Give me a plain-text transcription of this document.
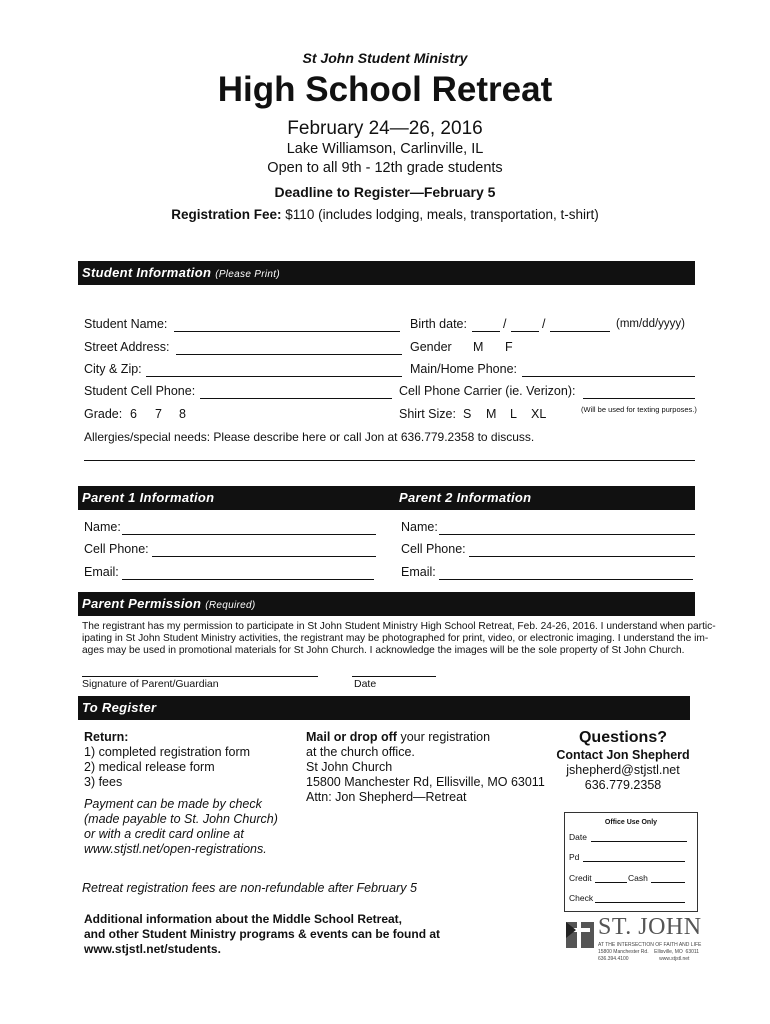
St John Student Ministry
High School Retreat
February 24—26, 2016
Lake Williamson, Carlinville, IL
Open to all 9th - 12th grade students
Deadline to Register—February 5
Registration Fee: $110 (includes lodging, meals, transportation, t-shirt)
Student Information (Please Print)
Student Name:	Birth date:	/	/	(mm/dd/yyyy)
Street Address:	Gender M F
City & Zip:	Main/Home Phone:
Student Cell Phone:	Cell Phone Carrier (ie. Verizon):
Grade: 6 7 8	Shirt Size: S M L XL	(Will be used for texting purposes.)
Allergies/special needs: Please describe here or call Jon at 636.779.2358 to discuss.
Parent 1 Information	Parent 2 Information
Name:	Name:
Cell Phone:	Cell Phone:
Email:	Email:
Parent Permission (Required)
The registrant has my permission to participate in St John Student Ministry High School Retreat, Feb. 24-26, 2016. I understand when partic-
ipating in St John Student Ministry activities, the registrant may be photographed for print, video, or electronic imaging. I understand the im-
ages may be used in promotional materials for St John Church. I acknowledge the images will be the sole property of St John Church.
Signature of Parent/Guardian	Date
To Register
Return:
1) completed registration form
2) medical release form
3) fees
Payment can be made by check
(made payable to St. John Church)
or with a credit card online at
www.stjstl.net/open-registrations.
Mail or drop off your registration
at the church office.
St John Church
15800 Manchester Rd, Ellisville, MO 63011
Attn: Jon Shepherd—Retreat
Questions?
Contact Jon Shepherd
jshepherd@stjstl.net
636.779.2358
Office Use Only
Date
Pd
Credit	Cash
Check
Retreat registration fees are non-refundable after February 5
Additional information about the Middle School Retreat,
and other Student Ministry programs & events can be found at
www.stjstl.net/students.
ST. JOHN
AT THE INTERSECTION OF FAITH AND LIFE
15800 Manchester Rd.    Ellisville, MO  63011
636.394.4100                      www.stjstl.net
